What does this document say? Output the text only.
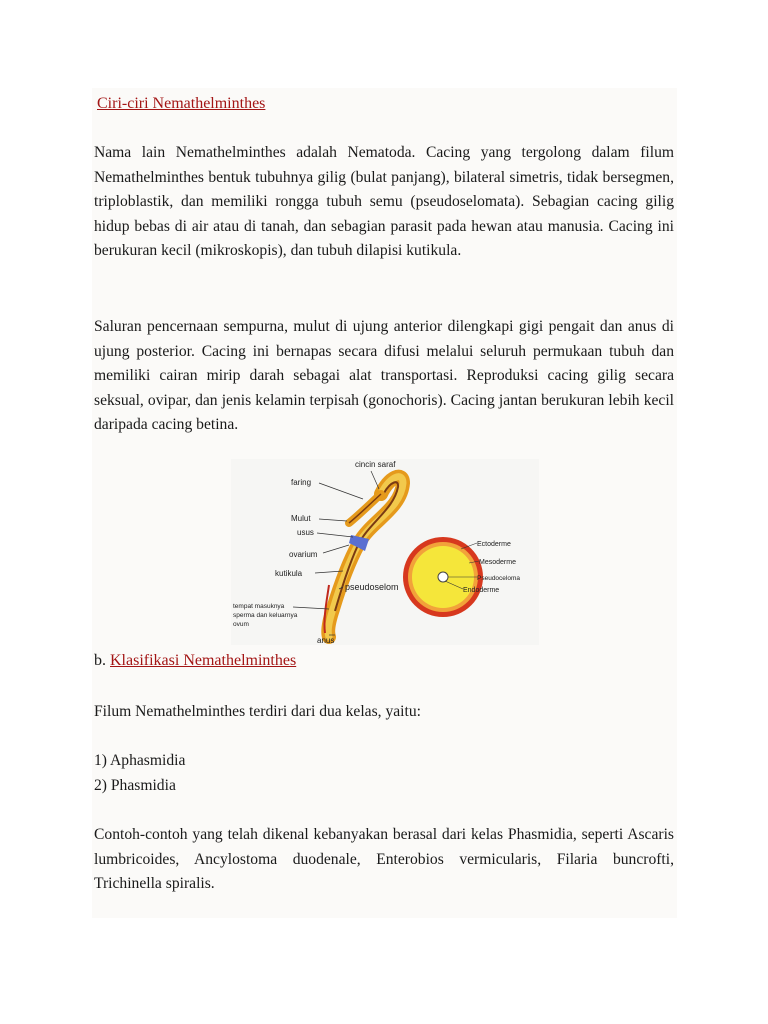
Ciri-ciri Nemathelminthes

Nama lain Nemathelminthes adalah Nematoda. Cacing yang tergolong dalam filum Nemathelminthes bentuk tubuhnya gilig (bulat panjang), bilateral simetris, tidak bersegmen, triploblastik, dan memiliki rongga tubuh semu (pseudoselomata). Sebagian cacing gilig hidup bebas di air atau di tanah, dan sebagian parasit pada hewan atau manusia. Cacing ini berukuran kecil (mikroskopis), dan tubuh dilapisi kutikula.

Saluran pencernaan sempurna, mulut di ujung anterior dilengkapi gigi pengait dan anus di ujung posterior. Cacing ini bernapas secara difusi melalui seluruh permukaan tubuh dan memiliki cairan mirip darah sebagai alat transportasi. Reproduksi cacing gilig secara seksual, ovipar, dan jenis kelamin terpisah (gonochoris). Cacing jantan berukuran lebih kecil daripada cacing betina.

cincin saraf
faring
Mulut
usus
ovarium
kutikula
pseudoselom
tempat masuknya
sperma dan keluarnya
ovum
anus
Ectoderme
Mesoderme
Pseudoceloma
Endoderme
b. Klasifikasi Nemathelminthes
Filum Nemathelminthes terdiri dari dua kelas, yaitu:
1) Aphasmidia
2) Phasmidia

Contoh-contoh yang telah dikenal kebanyakan berasal dari kelas Phasmidia, seperti Ascaris lumbricoides, Ancylostoma duodenale, Enterobios vermicularis, Filaria buncrofti, Trichinella spiralis.
